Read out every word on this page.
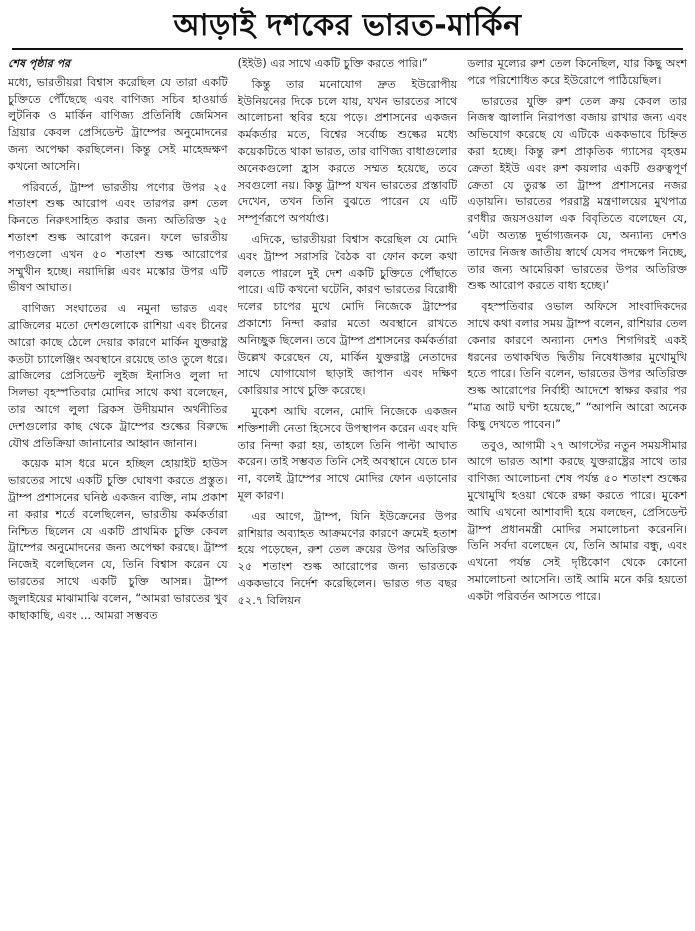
আড়াই দশকের ভারত-মার্কিন
শেষ পৃষ্ঠার পর

মধ্যে, ভারতীয়রা বিশ্বাস করেছিল যে তারা একটি চুক্তিতে পৌঁছেছে এবং বাণিজ্য সচিব হাওয়ার্ড লুটনিক ও মার্কিন বাণিজ্য প্রতিনিধি জেমিসন গ্রিয়ার কেবল প্রেসিডেন্ট ট্রাম্পের অনুমোদনের জন্য অপেক্ষা করছিলেন। কিন্তু সেই মাহেন্দ্রক্ষণ কখনো আসেনি।

পরিবর্তে, ট্রাম্প ভারতীয় পণ্যের উপর ২৫ শতাংশ শুল্ক আরোপ এবং তারপর রুশ তেল কিনতে নিরুৎসাহিত করার জন্য অতিরিক্ত ২৫ শতাংশ শুল্ক আরোপ করেন। ফলে ভারতীয় পণ্যগুলো এখন ৫০ শতাংশ শুল্ক আরোপের সম্মুখীন হচ্ছে। নয়াদিল্লি এবং মস্কোর উপর এটি ভীষণ আঘাত।

বাণিজ্য সংঘাতের এ নমুনা ভারত এবং ব্রাজিলের মতো দেশগুলোকে রাশিয়া এবং চীনের আরো কাছে ঠেলে দেয়ার কারণে মার্কিন যুক্তরাষ্ট্র কতটা চ্যালেঞ্জিং অবস্থানে রয়েছে তাও তুলে ধরে। ব্রাজিলের প্রেসিডেন্ট লুইজ ইনাসিও লুলা দা সিলভা বৃহস্পতিবার মোদির সাথে কথা বলেছেন, তার আগে লুলা ব্রিকস উদীয়মান অর্থনীতির দেশগুলোর কাছ থেকে ট্রাম্পের শুল্কের বিরুদ্ধে যৌথ প্রতিক্রিয়া জানানোর আহ্বান জানান।

কয়েক মাস ধরে মনে হচ্ছিল হোয়াইট হাউস ভারতের সাথে একটি চুক্তি ঘোষণা করতে প্রস্তুত। ট্রাম্প প্রশাসনের ঘনিষ্ঠ একজন ব্যক্তি, নাম প্রকাশ না করার শর্তে বলেছিলেন, ভারতীয় কর্মকর্তারা নিশ্চিত ছিলেন যে একটি প্রাথমিক চুক্তি কেবল ট্রাম্পের অনুমোদনের জন্য অপেক্ষা করছে। ট্রাম্প নিজেই বলেছিলেন যে, তিনি বিশ্বাস করেন যে ভারতের সাথে একটি চুক্তি আসন্ন। ট্রাম্প জুলাইয়ের মাঝামাঝি বলেন, “আমরা ভারতের খুব কাছাকাছি, এবং ... আমরা সম্ভবত

(ইইউ) এর সাথে একটি চুক্তি করতে পারি।”

কিন্তু তার মনোযোগ দ্রুত ইউরোপীয় ইউনিয়নের দিকে চলে যায়, যখন ভারতের সাথে আলোচনা স্থবির হয়ে পড়ে। প্রশাসনের একজন কর্মকর্তার মতে, বিশ্বের সর্বোচ্চ শুল্কের মধ্যে কয়েকটিতে থাকা ভারত, তার বাণিজ্য বাধাগুলোর অনেকগুলো হ্রাস করতে সম্মত হয়েছে, তবে সবগুলো নয়। কিন্তু ট্রাম্প যখন ভারতের প্রস্তাবটি দেখেন, তখন তিনি বুঝতে পারেন যে এটি সম্পূর্ণরূপে অপর্যাপ্ত।

এদিকে, ভারতীয়রা বিশ্বাস করেছিল যে মোদি এবং ট্রাম্প সরাসরি বৈঠক বা ফোন কলে কথা বলতে পারলে দুই দেশ একটি চুক্তিতে পৌঁছাতে পারে। এটি কখনো ঘটেনি, কারণ ভারতের বিরোধী দলের চাপের মুখে মোদি নিজেকে ট্রাম্পের প্রকাশ্যে নিন্দা করার মতো অবস্থানে রাখতে অনিচ্ছুক ছিলেন। তবে ট্রাম্প প্রশাসনের কর্মকর্তারা উল্লেখ করেছেন যে, মার্কিন যুক্তরাষ্ট্র নেতাদের সাথে যোগাযোগ ছাড়াই জাপান এবং দক্ষিণ কোরিয়ার সাথে চুক্তি করেছে।

মুকেশ আঘি বলেন, মোদি নিজেকে একজন শক্তিশালী নেতা হিসেবে উপস্থাপন করেন এবং যদি তার নিন্দা করা হয়, তাহলে তিনি পাল্টা আঘাত করেন। তাই সম্ভবত তিনি সেই অবস্থানে যেতে চান না, বলেই ট্রাম্পের সাথে মোদির ফোন এড়ানোর মূল কারণ।

এর আগে, ট্রাম্প, যিনি ইউক্রেনের উপর রাশিয়ার অব্যাহত আক্রমণের কারণে ক্রমেই হতাশ হয়ে পড়েছেন, রুশ তেল ক্রয়ের উপর অতিরিক্ত ২৫ শতাংশ শুল্ক আরোপের জন্য ভারতকে এককভাবে নির্দেশ করেছিলেন। ভারত গত বছর ৫২.৭ বিলিয়ন

ডলার মূল্যের রুশ তেল কিনেছিল, যার কিছু অংশ পরে পরিশোধিত করে ইউরোপে পাঠিয়েছিল।

ভারতের যুক্তি রুশ তেল ক্রয় কেবল তার নিজস্ব জ্বালানি নিরাপত্তা বজায় রাখার জন্য এবং অভিযোগ করেছে যে এটিকে এককভাবে চিহ্নিত করা হচ্ছে। কিন্তু রুশ প্রাকৃতিক গ্যাসের বৃহত্তম ক্রেতা ইইউ এবং রুশ কয়লার একটি গুরুত্বপূর্ণ ক্রেতা যে তুরস্ক তা ট্রাম্প প্রশাসনের নজর এড়ায়নি। ভারতের পররাষ্ট্র মন্ত্রণালয়ের মুখপাত্র রণধীর জয়সওয়াল এক বিবৃতিতে বলেছেন যে, ‘এটা অত্যন্ত দুর্ভাগ্যজনক যে, অন্যান্য দেশও তাদের নিজস্ব জাতীয় স্বার্থে যেসব পদক্ষেপ নিচ্ছে, তার জন্য আমেরিকা ভারতের উপর অতিরিক্ত শুল্ক আরোপ করতে বাধ্য হচ্ছে।’

বৃহস্পতিবার ওভাল অফিসে সাংবাদিকদের সাথে কথা বলার সময় ট্রাম্প বলেন, রাশিয়ার তেল কেনার কারণে অন্যান্য দেশও শিগগিরই একই ধরনের তথাকথিত দ্বিতীয় নিষেধাজ্ঞার মুখোমুখি হতে পারে। তিনি বলেন, ভারতের উপর অতিরিক্ত শুল্ক আরোপের নির্বাহী আদেশে স্বাক্ষর করার পর “মাত্র আট ঘণ্টা হয়েছে,” “আপনি আরো অনেক কিছু দেখতে পাবেন।”

তবুও, আগামী ২৭ আগস্টের নতুন সময়সীমার আগে ভারত আশা করছে যুক্তরাষ্ট্রের সাথে তার বাণিজ্য আলোচনা শেষ পর্যন্ত ৫০ শতাংশ শুল্কের মুখোমুখি হওয়া থেকে রক্ষা করতে পারে। মুকেশ আঘি এখনো আশাবাদী হয়ে বলছেন, প্রেসিডেন্ট ট্রাম্প প্রধানমন্ত্রী মোদির সমালোচনা করেননি। তিনি সর্বদা বলেছেন যে, তিনি আমার বন্ধু, এবং এখনো পর্যন্ত সেই দৃষ্টিকোণ থেকে কোনো সমালোচনা আসেনি। তাই আমি মনে করি হয়তো একটা পরিবর্তন আসতে পারে।
